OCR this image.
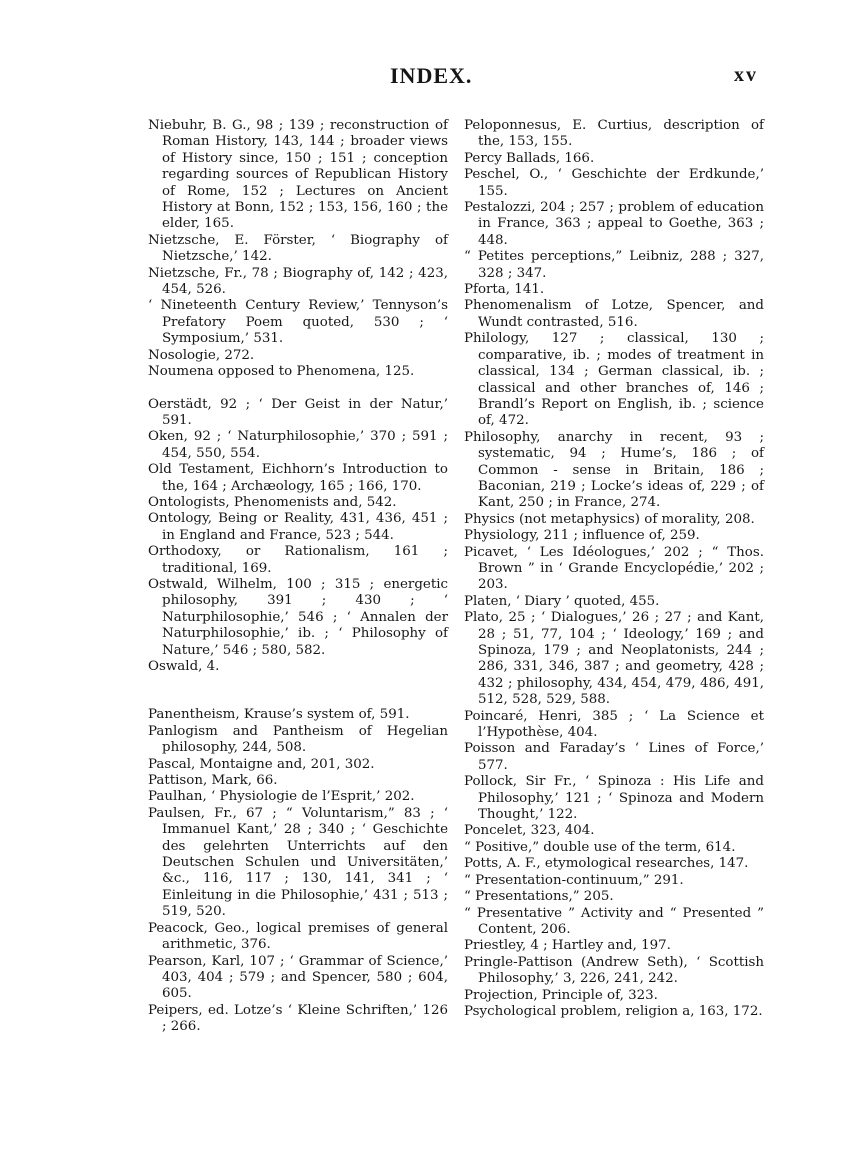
INDEX.	xv

Niebuhr, B. G., 98 ; 139 ; reconstruction of Roman History, 143, 144 ; broader views of History since, 150 ; 151 ; conception regarding sources of Republican History of Rome, 152 ; Lectures on Ancient History at Bonn, 152 ; 153, 156, 160 ; the elder, 165.

Nietzsche, E. Förster, ‘ Biography of Nietzsche,’ 142.

Nietzsche, Fr., 78 ; Biography of, 142 ; 423, 454, 526.

‘ Nineteenth Century Review,’ Tennyson’s Prefatory Poem quoted, 530 ; ‘ Symposium,’ 531.

Nosologie, 272.

Noumena opposed to Phenomena, 125.

Oerstädt, 92 ; ‘ Der Geist in der Natur,’ 591.

Oken, 92 ; ‘ Naturphilosophie,’ 370 ; 591 ; 454, 550, 554.

Old Testament, Eichhorn’s Introduction to the, 164 ; Archæology, 165 ; 166, 170.

Ontologists, Phenomenists and, 542.

Ontology, Being or Reality, 431, 436, 451 ; in England and France, 523 ; 544.

Orthodoxy, or Rationalism, 161 ; traditional, 169.

Ostwald, Wilhelm, 100 ; 315 ; energetic philosophy, 391 ; 430 ; ‘ Naturphilosophie,’ 546 ; ‘ Annalen der Naturphilosophie,’ ib. ; ‘ Philosophy of Nature,’ 546 ; 580, 582.

Oswald, 4.

Panentheism, Krause’s system of, 591.

Panlogism and Pantheism of Hegelian philosophy, 244, 508.

Pascal, Montaigne and, 201, 302.

Pattison, Mark, 66.

Paulhan, ‘ Physiologie de l’Esprit,’ 202.

Paulsen, Fr., 67 ; “ Voluntarism,” 83 ; ‘ Immanuel Kant,’ 28 ; 340 ; ‘ Geschichte des gelehrten Unterrichts auf den Deutschen Schulen und Universitäten,’ &c., 116, 117 ; 130, 141, 341 ; ‘ Einleitung in die Philosophie,’ 431 ; 513 ; 519, 520.

Peacock, Geo., logical premises of general arithmetic, 376.

Pearson, Karl, 107 ; ‘ Grammar of Science,’ 403, 404 ; 579 ; and Spencer, 580 ; 604, 605.

Peipers, ed. Lotze’s ‘ Kleine Schriften,’ 126 ; 266.

Peloponnesus, E. Curtius, description of the, 153, 155.

Percy Ballads, 166.

Peschel, O., ‘ Geschichte der Erdkunde,’ 155.

Pestalozzi, 204 ; 257 ; problem of education in France, 363 ; appeal to Goethe, 363 ; 448.

“ Petites perceptions,” Leibniz, 288 ; 327, 328 ; 347.

Pforta, 141.

Phenomenalism of Lotze, Spencer, and Wundt contrasted, 516.

Philology, 127 ; classical, 130 ; comparative, ib. ; modes of treatment in classical, 134 ; German classical, ib. ; classical and other branches of, 146 ; Brandl’s Report on English, ib. ; science of, 472.

Philosophy, anarchy in recent, 93 ; systematic, 94 ; Hume’s, 186 ; of Common - sense in Britain, 186 ; Baconian, 219 ; Locke’s ideas of, 229 ; of Kant, 250 ; in France, 274.

Physics (not metaphysics) of morality, 208.

Physiology, 211 ; influence of, 259.

Picavet, ‘ Les Idéologues,’ 202 ; “ Thos. Brown ” in ‘ Grande Encyclopédie,’ 202 ; 203.

Platen, ‘ Diary ’ quoted, 455.

Plato, 25 ; ‘ Dialogues,’ 26 ; 27 ; and Kant, 28 ; 51, 77, 104 ; ‘ Ideology,’ 169 ; and Spinoza, 179 ; and Neoplatonists, 244 ; 286, 331, 346, 387 ; and geometry, 428 ; 432 ; philosophy, 434, 454, 479, 486, 491, 512, 528, 529, 588.

Poincaré, Henri, 385 ; ‘ La Science et l’Hypothèse, 404.

Poisson and Faraday’s ‘ Lines of Force,’ 577.

Pollock, Sir Fr., ‘ Spinoza : His Life and Philosophy,’ 121 ; ‘ Spinoza and Modern Thought,’ 122.

Poncelet, 323, 404.

“ Positive,” double use of the term, 614.

Potts, A. F., etymological researches, 147.

“ Presentation-continuum,” 291.

“ Presentations,” 205.

“ Presentative ” Activity and “ Presented ” Content, 206.

Priestley, 4 ; Hartley and, 197.

Pringle-Pattison (Andrew Seth), ‘ Scottish Philosophy,’ 3, 226, 241, 242.

Projection, Principle of, 323.

Psychological problem, religion a, 163, 172.
